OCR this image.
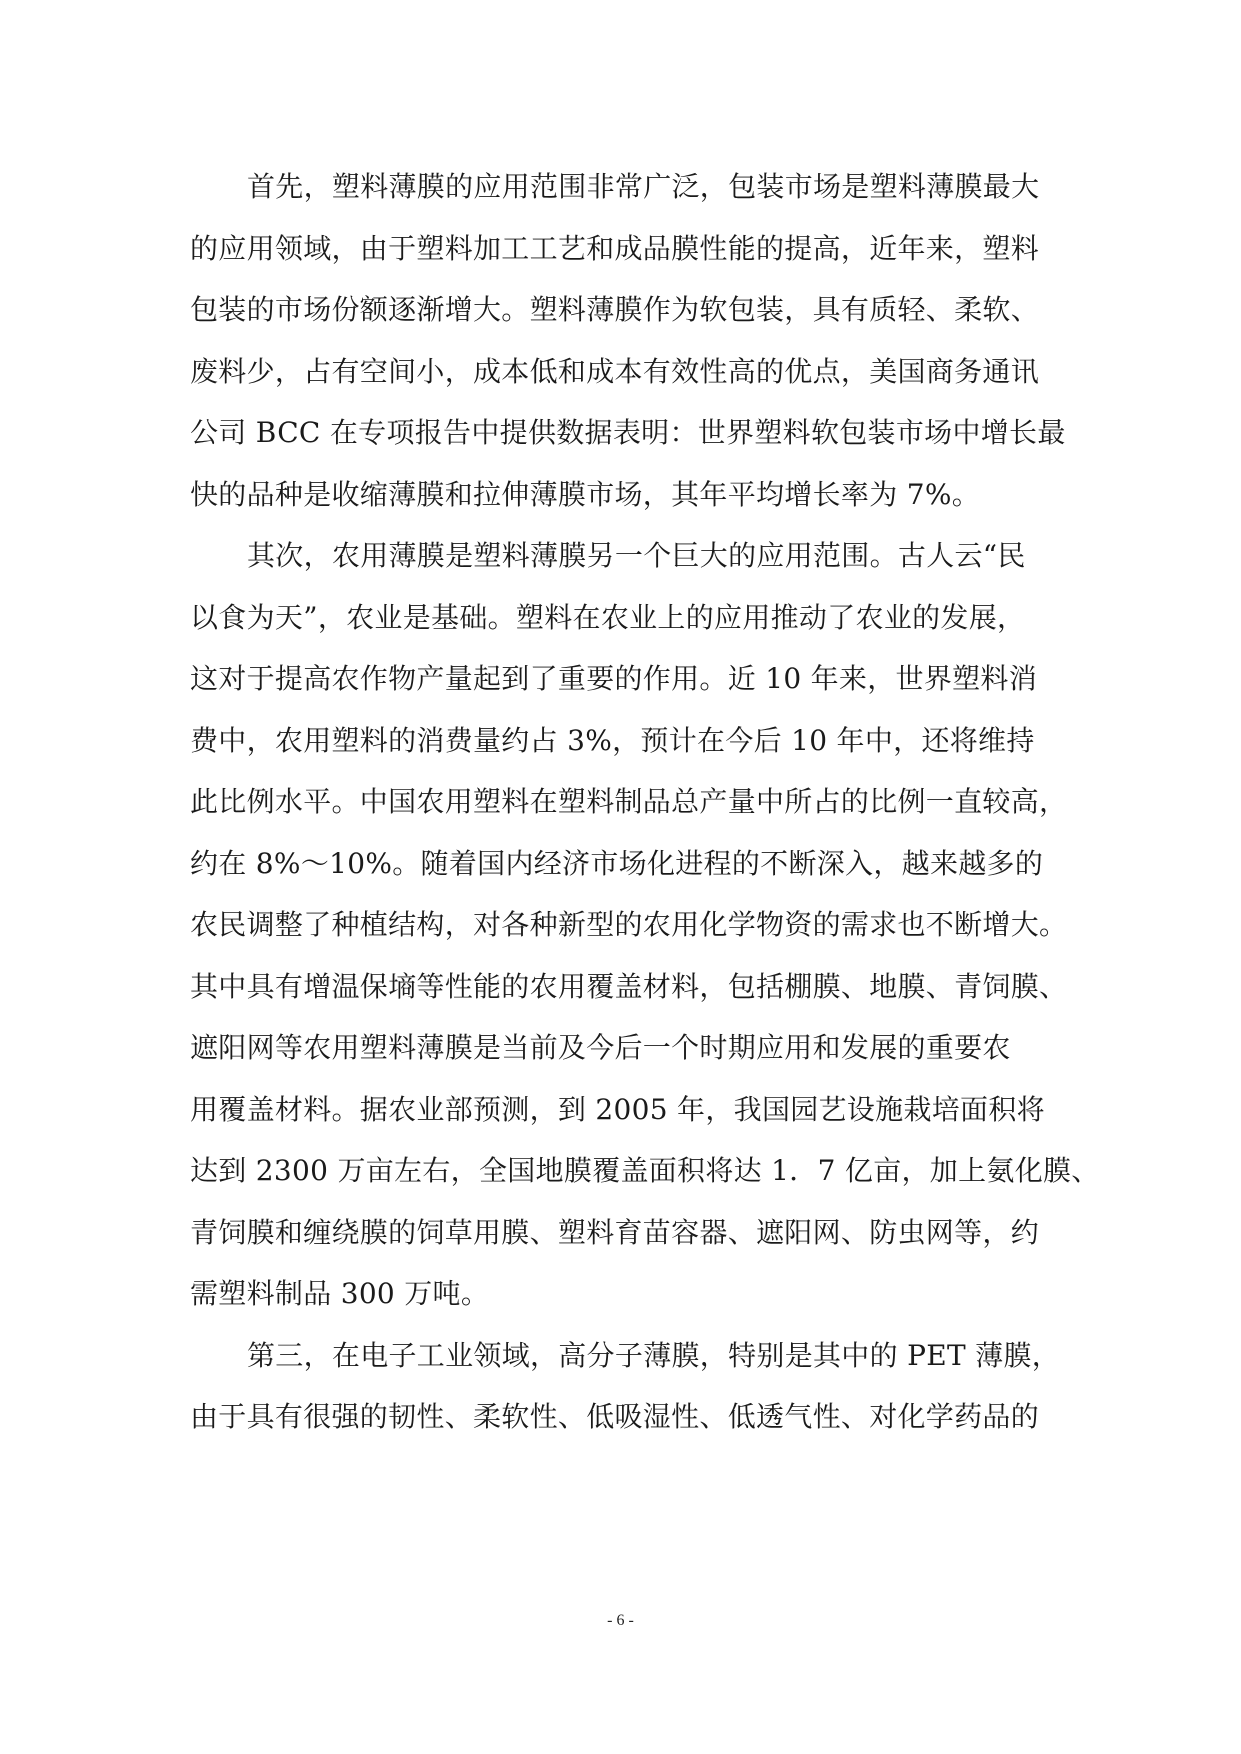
首先，塑料薄膜的应用范围非常广泛，包装市场是塑料薄膜最大
的应用领域，由于塑料加工工艺和成品膜性能的提高，近年来，塑料
包装的市场份额逐渐增大。塑料薄膜作为软包装，具有质轻、柔软、
废料少，占有空间小，成本低和成本有效性高的优点，美国商务通讯
公司 BCC 在专项报告中提供数据表明：世界塑料软包装市场中增长最
快的品种是收缩薄膜和拉伸薄膜市场，其年平均增长率为 7%。
其次，农用薄膜是塑料薄膜另一个巨大的应用范围。古人云“民
以食为天”，农业是基础。塑料在农业上的应用推动了农业的发展，
这对于提高农作物产量起到了重要的作用。近 10 年来，世界塑料消
费中，农用塑料的消费量约占 3%，预计在今后 10 年中，还将维持
此比例水平。中国农用塑料在塑料制品总产量中所占的比例一直较高，
约在 8%～10%。随着国内经济市场化进程的不断深入，越来越多的
农民调整了种植结构，对各种新型的农用化学物资的需求也不断增大。
其中具有增温保墒等性能的农用覆盖材料，包括棚膜、地膜、青饲膜、
遮阳网等农用塑料薄膜是当前及今后一个时期应用和发展的重要农
用覆盖材料。据农业部预测，到 2005 年，我国园艺设施栽培面积将
达到 2300 万亩左右，全国地膜覆盖面积将达 1．7 亿亩，加上氨化膜、
青饲膜和缠绕膜的饲草用膜、塑料育苗容器、遮阳网、防虫网等，约
需塑料制品 300 万吨。
第三，在电子工业领域，高分子薄膜，特别是其中的 PET 薄膜，
由于具有很强的韧性、柔软性、低吸湿性、低透气性、对化学药品的
- 6 -
